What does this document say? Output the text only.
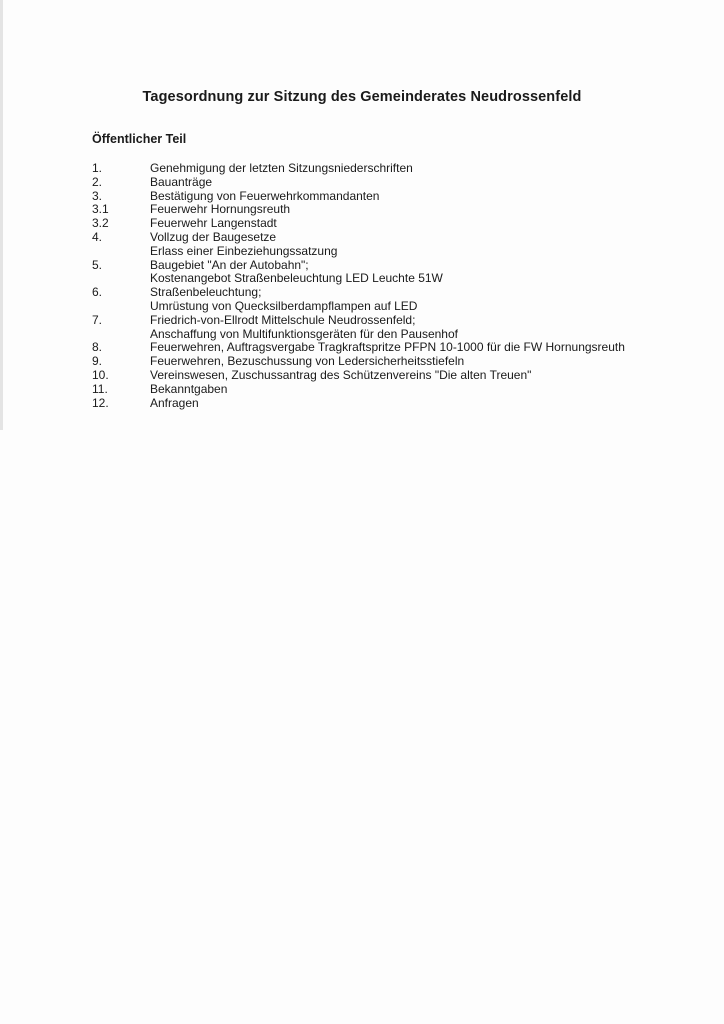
Tagesordnung zur Sitzung des Gemeinderates Neudrossenfeld
Öffentlicher Teil
1.	Genehmigung der letzten Sitzungsniederschriften
2.	Bauanträge
3.	Bestätigung von Feuerwehrkommandanten
3.1	Feuerwehr Hornungsreuth
3.2	Feuerwehr Langenstadt
4.	Vollzug der Baugesetze
Erlass einer Einbeziehungssatzung
5.	Baugebiet "An der Autobahn";
Kostenangebot Straßenbeleuchtung LED Leuchte 51W
6.	Straßenbeleuchtung;
Umrüstung von Quecksilberdampflampen auf LED
7.	Friedrich-von-Ellrodt Mittelschule Neudrossenfeld;
Anschaffung von Multifunktionsgeräten für den Pausenhof
8.	Feuerwehren, Auftragsvergabe Tragkraftspritze PFPN 10-1000 für die FW Hornungsreuth
9.	Feuerwehren, Bezuschussung von Ledersicherheitsstiefeln
10.	Vereinswesen, Zuschussantrag des Schützenvereins "Die alten Treuen"
11.	Bekanntgaben
12.	Anfragen
